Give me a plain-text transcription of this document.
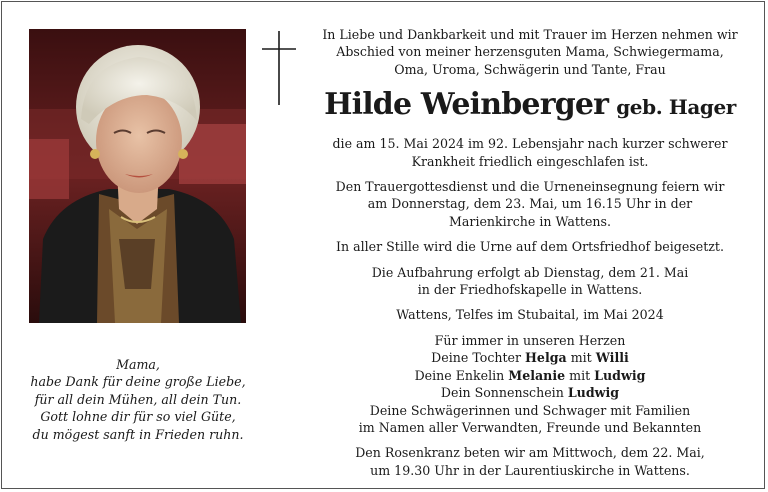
Mama,
habe Dank für deine große Liebe,
für all dein Mühen, all dein Tun.
Gott lohne dir für so viel Güte,
du mögest sanft in Frieden ruhn.
In Liebe und Dankbarkeit und mit Trauer im Herzen nehmen wir
Abschied von meiner herzensguten Mama, Schwiegermama,
Oma, Uroma, Schwägerin und Tante, Frau
Hilde Weinberger geb. Hager
die am 15. Mai 2024 im 92. Lebensjahr nach kurzer schwerer
Krankheit friedlich eingeschlafen ist.
Den Trauergottesdienst und die Urneneinsegnung feiern wir
am Donnerstag, dem 23. Mai, um 16.15 Uhr in der
Marienkirche in Wattens.
In aller Stille wird die Urne auf dem Ortsfriedhof beigesetzt.
Die Aufbahrung erfolgt ab Dienstag, dem 21. Mai
in der Friedhofskapelle in Wattens.
Wattens, Telfes im Stubaital, im Mai 2024
Für immer in unseren Herzen
Deine Tochter Helga mit Willi
Deine Enkelin Melanie mit Ludwig
Dein Sonnenschein Ludwig
Deine Schwägerinnen und Schwager mit Familien
im Namen aller Verwandten, Freunde und Bekannten
Den Rosenkranz beten wir am Mittwoch, dem 22. Mai,
um 19.30 Uhr in der Laurentiuskirche in Wattens.
